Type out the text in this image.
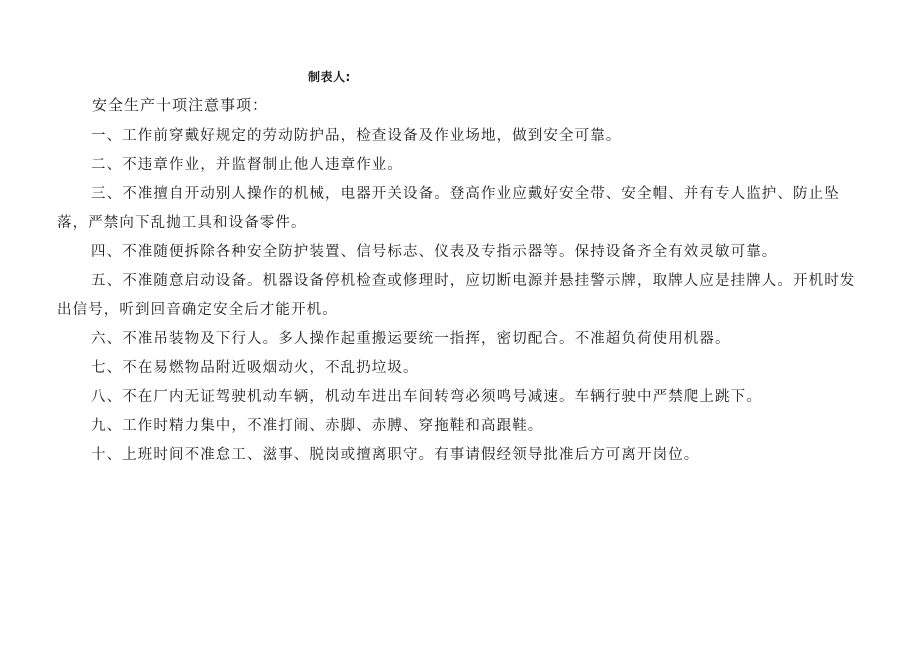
制表人:
安全生产十项注意事项：
一、工作前穿戴好规定的劳动防护品，检查设备及作业场地，做到安全可靠。
二、不违章作业，并监督制止他人违章作业。
三、不准擅自开动别人操作的机械，电器开关设备。登高作业应戴好安全带、安全帽、并有专人监护、防止坠落，严禁向下乱抛工具和设备零件。
四、不准随便拆除各种安全防护装置、信号标志、仪表及专指示器等。保持设备齐全有效灵敏可靠。
五、不准随意启动设备。机器设备停机检查或修理时，应切断电源并悬挂警示牌，取牌人应是挂牌人。开机时发出信号，听到回音确定安全后才能开机。
六、不准吊装物及下行人。多人操作起重搬运要统一指挥，密切配合。不准超负荷使用机器。
七、不在易燃物品附近吸烟动火，不乱扔垃圾。
八、不在厂内无证驾驶机动车辆，机动车进出车间转弯必须鸣号减速。车辆行驶中严禁爬上跳下。
九、工作时精力集中，不准打闹、赤脚、赤膊、穿拖鞋和高跟鞋。
十、上班时间不准怠工、滋事、脱岗或擅离职守。有事请假经领导批准后方可离开岗位。
